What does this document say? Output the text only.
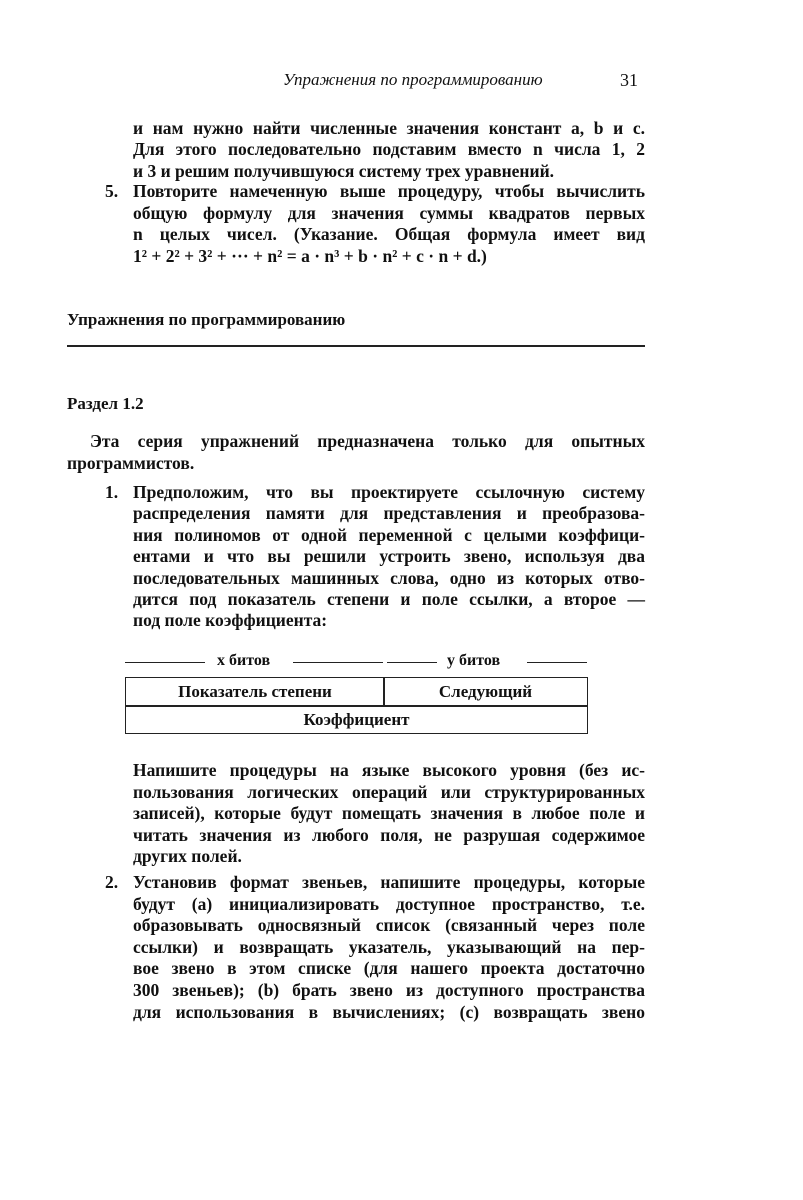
Упражнения по программированию	31
и нам нужно найти численные значения констант a, b и c.
Для этого последовательно подставим вместо n числа 1, 2
и 3 и решим получившуюся систему трех уравнений.
5. Повторите намеченную выше процедуру, чтобы вычислить
общую формулу для значения суммы квадратов первых
n целых чисел. (Указание. Общая формула имеет вид
1² + 2² + 3² + ··· + n² = a · n³ + b · n² + c · n + d.)
Упражнения по программированию
Раздел 1.2
Эта серия упражнений предназначена только для опытных
программистов.
1. Предположим, что вы проектируете ссылочную систему
распределения памяти для представления и преобразова-
ния полиномов от одной переменной с целыми коэффици-
ентами и что вы решили устроить звено, используя два
последовательных машинных слова, одно из которых отво-
дится под показатель степени и поле ссылки, а второе —
под поле коэффициента:
x битов	y битов
Показатель степени	Следующий
Коэффициент
Напишите процедуры на языке высокого уровня (без ис-
пользования логических операций или структурированных
записей), которые будут помещать значения в любое поле и
читать значения из любого поля, не разрушая содержимое
других полей.
2. Установив формат звеньев, напишите процедуры, которые
будут (a) инициализировать доступное пространство, т.е.
образовывать односвязный список (связанный через поле
ссылки) и возвращать указатель, указывающий на пер-
вое звено в этом списке (для нашего проекта достаточно
300 звеньев); (b) брать звено из доступного пространства
для использования в вычислениях; (c) возвращать звено
